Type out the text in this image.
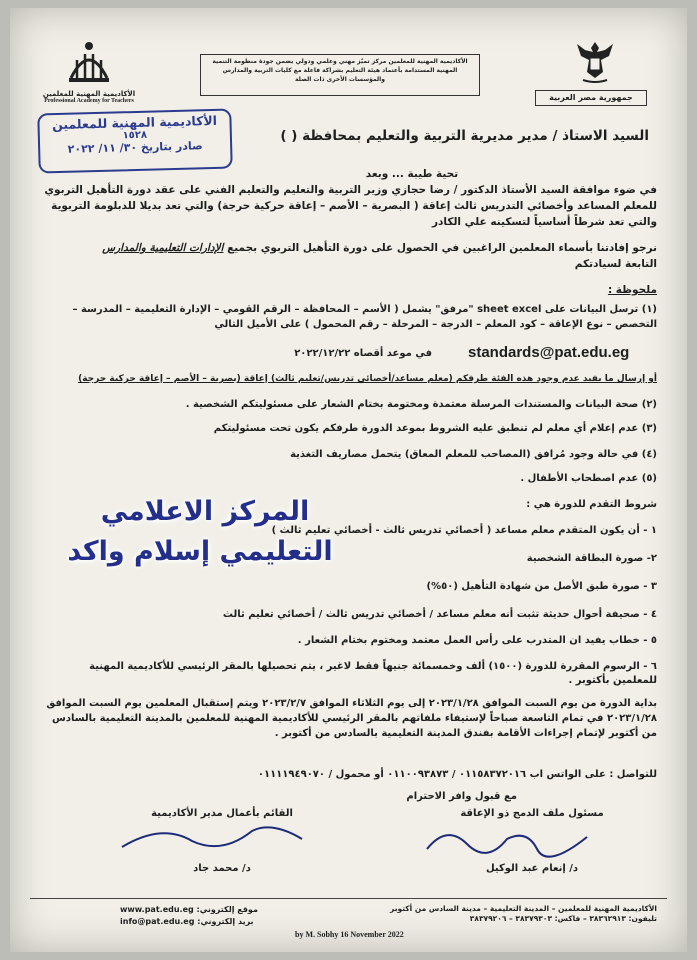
الأكاديمية المهنية للمعلمين
Professional Academy for Teachers
الأكاديمية المهنية للمعلمين مركز تميّز مهني وعلمي ودولي يضمن جودة منظومة التنمية المهنية المستدامة بأعتماد هيئة التعليم بشراكة فاعلة مع كليات التربية والمدارس والمؤسسات الأخرى ذات الصلة
جمهورية مصر العربية
الأكاديمية المهنية للمعلمين
١٥٢٨
صادر بتاريخ ٣٠/ ١١/ ٢٠٢٢
السيد الاستاذ / مدير مديرية التربية والتعليم بمحافظة ( )
تحية طيبة ... وبعد
في ضوء موافقة السيد الأستاذ الدكتور / رضا حجازي وزير التربية والتعليم والتعليم الفني على عقد دورة التأهيل التربوي للمعلم المساعد وأخصائي التدريس ثالث إعاقة ( البصرية – الأصم – إعاقة حركية حرجة) والتي تعد بديلا للدبلومة التربوية والتي تعد شرطاً أساسياً لتسكينه علي الكادر
نرجو إفادتنا بأسماء المعلمين الراغبين في الحصول على دورة التأهيل التربوي بجميع الإدارات التعليمية والمدارس
التابعة لسيادتكم
ملحوظة :
(١) ترسل البيانات على sheet excel "مرفق" يشمل ( الأسم – المحافظة – الرقم القومي – الإدارة التعليمية – المدرسة – التخصص – نوع الإعاقة – كود المعلم – الدرجة – المرحلة – رقم المحمول ) على الأميل التالي
standards@pat.edu.eg
في موعد أقصاه ٢٠٢٢/١٢/٢٢
أو إرسال ما يفيد عدم وجود هذه الفئة طرفكم (معلم مساعد/أخصائي تدريس/تعليم ثالث) إعاقة (بصرية – الأصم – إعاقة حركية حرجة)
(٢) صحة البيانات والمستندات المرسلة معتمدة ومختومة بختام الشعار على مسئوليتكم الشخصية .
(٣) عدم إعلام أي معلم لم تنطبق عليه الشروط بموعد الدورة طرفكم يكون تحت مسئوليتكم
(٤) في حالة وجود مُرافق (المصاحب للمعلم المعاق) يتحمل مصاريف التغذية
(٥) عدم اصطحاب الأطفال .
شروط التقدم للدورة هي :
١ - أن يكون المتقدم معلم مساعد ( أخصائي تدريس ثالث - أخصائي تعليم ثالث )
٢- صورة البطاقة الشخصية
٣ - صورة طبق الأصل من شهادة التأهيل (٥٠%)
٤ - صحيفة أحوال حديثة تثبت أنه معلم مساعد / أخصائي تدريس ثالث / أخصائي تعليم ثالث
٥ - خطاب يفيد ان المتدرب على رأس العمل معتمد ومختوم بختام الشعار .
٦ - الرسوم المقررة للدورة (١٥٠٠) ألف وخمسمائة جنيهاً فقط لاغير ، يتم تحصيلها بالمقر الرئيسي للأكاديمية المهنية للمعلمين بأكتوبر .
بداية الدورة من يوم السبت الموافق ٢٠٢٣/١/٢٨ إلى يوم الثلاثاء الموافق ٢٠٢٣/٢/٧ ويتم إستقبال المعلمين يوم السبت الموافق ٢٠٢٣/١/٢٨ في تمام التاسعة صباحاً لإستيفاء ملفاتهم بالمقر الرئيسي للأكاديمية المهنية للمعلمين بالمدينة التعليمية بالسادس من أكتوبر لإتمام إجراءات الأقامة بفندق المدينة التعليمية بالسادس من أكتوبر .
للتواصل : على الواتس اب ٠١١٥٨٣٧٢٠١٦ / ٠١١٠٠٩٣٨٧٣ أو محمول / ٠١١١١٩٤٩٠٧٠
مع قبول وافر الاحترام
المركز الاعلامي
التعليمي إسلام واكد
مسئول ملف الدمج ذو الإعاقة
د/ إنعام عبد الوكيل
القائم بأعمال مدير الأكاديمية
د/ محمد جاد
www.pat.edu.eg موقع إلكتروني:
info@pat.edu.eg بريد إلكتروني:
الأكاديمية المهنية للمعلمين – المدينة التعليمية – مدينة السادس من أكتوبر
تليفون: ٣٨٣٦٢٩١٣ – فاكس: ٣٨٣٧٩٣٠٣ – ٣٨٣٧٩٢٠٦
by M. Sobhy 16 November 2022
